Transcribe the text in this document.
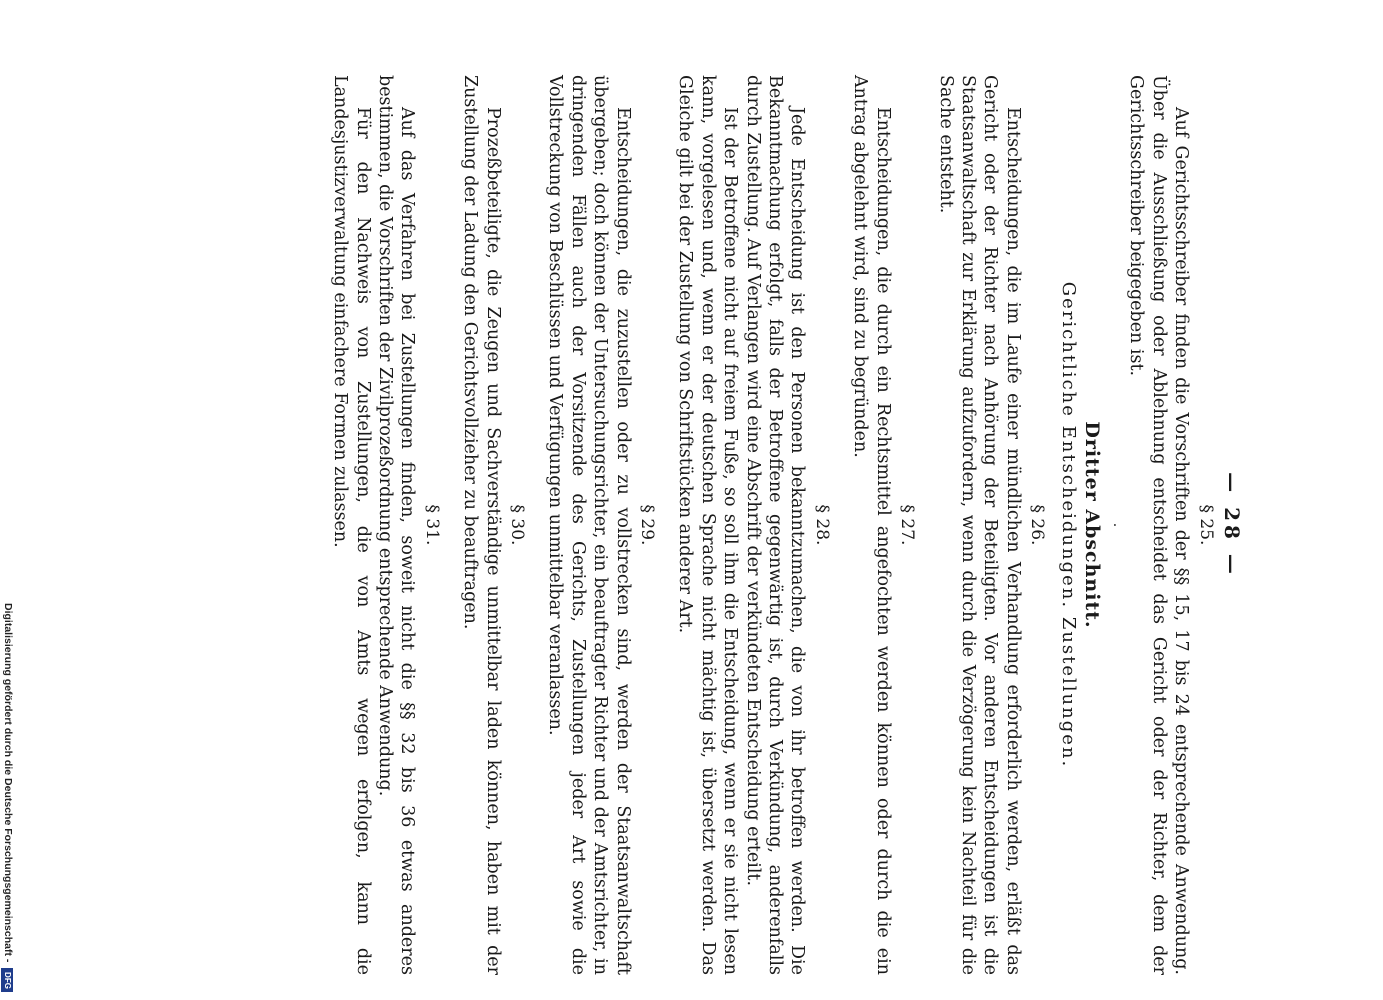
— 28 —
§ 25.

Auf Gerichtsschreiber finden die Vorschriften der §§ 15, 17 bis 24 entsprechende Anwendung. Über die Ausschließung oder Ablehnung entscheidet das Gericht oder der Richter, dem der Gerichtsschreiber beigegeben ist.

·
Dritter Abschnitt.
Gerichtliche Entscheidungen. Zustellungen.
§ 26.

Entscheidungen, die im Laufe einer mündlichen Verhandlung erforderlich werden, erläßt das Gericht oder der Richter nach Anhörung der Beteiligten. Vor anderen Entscheidungen ist die Staatsanwaltschaft zur Erklärung aufzufordern, wenn durch die Verzögerung kein Nachteil für die Sache entsteht.

§ 27.

Entscheidungen, die durch ein Rechtsmittel angefochten werden können oder durch die ein Antrag abgelehnt wird, sind zu begründen.

§ 28.

Jede Entscheidung ist den Personen bekanntzumachen, die von ihr betroffen werden. Die Bekanntmachung erfolgt, falls der Betroffene gegenwärtig ist, durch Verkündung, anderenfalls durch Zustellung. Auf Verlangen wird eine Abschrift der verkündeten Entscheidung erteilt.

Ist der Betroffene nicht auf freiem Fuße, so soll ihm die Entscheidung, wenn er sie nicht lesen kann, vorgelesen und, wenn er der deutschen Sprache nicht mächtig ist, übersetzt werden. Das Gleiche gilt bei der Zustellung von Schriftstücken anderer Art.

§ 29.

Entscheidungen, die zuzustellen oder zu vollstrecken sind, werden der Staatsanwaltschaft übergeben; doch können der Untersuchungsrichter, ein beauftragter Richter und der Amtsrichter, in dringenden Fällen auch der Vorsitzende des Gerichts, Zustellungen jeder Art sowie die Vollstreckung von Beschlüssen und Verfügungen unmittelbar veranlassen.

§ 30.

Prozeßbeteiligte, die Zeugen und Sachverständige unmittelbar laden können, haben mit der Zustellung der Ladung den Gerichtsvollzieher zu beauftragen.

§ 31.

Auf das Verfahren bei Zustellungen finden, soweit nicht die §§ 32 bis 36 etwas anderes bestimmen, die Vorschriften der Zivilprozeßordnung entsprechende Anwendung.

Für den Nachweis von Zustellungen, die von Amts wegen erfolgen, kann die Landesjustizverwaltung einfachere Formen zulassen.

Digitalisierung gefördert durch die Deutsche Forschungsgemeinschaft -
DFG
